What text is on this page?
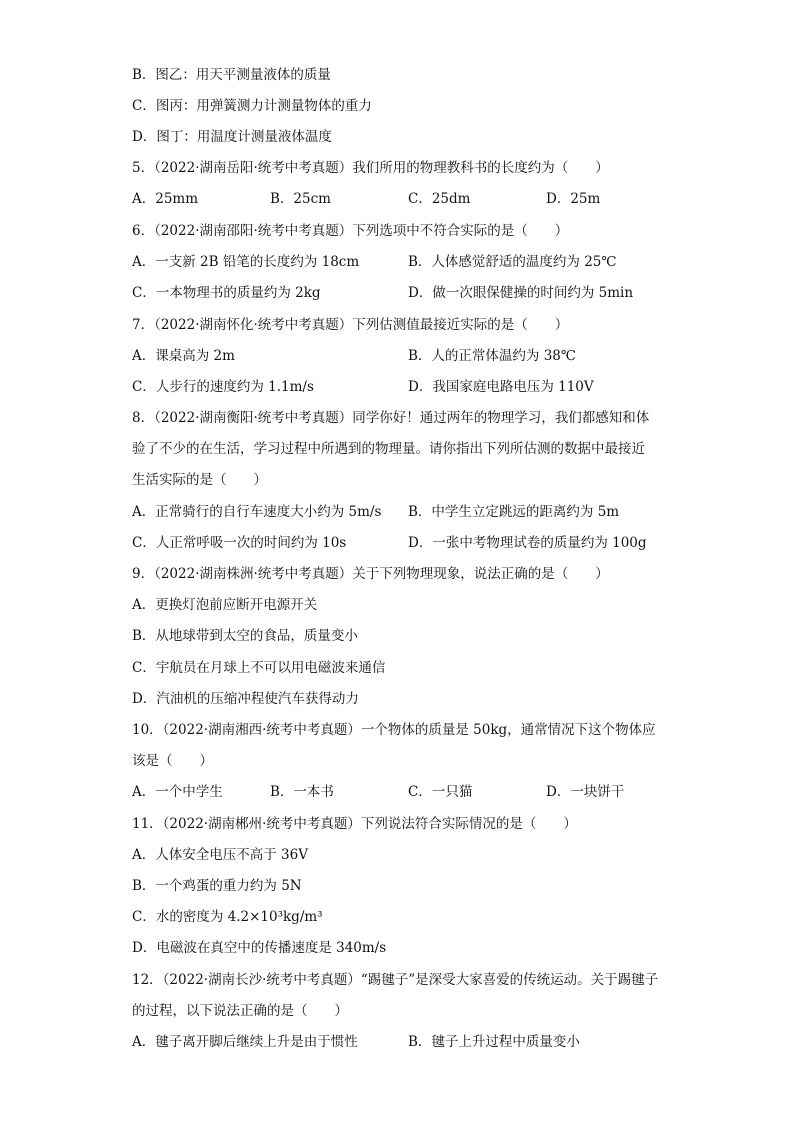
B．图乙：用天平测量液体的质量
C．图丙：用弹簧测力计测量物体的重力
D．图丁：用温度计测量液体温度
5．（2022·湖南岳阳·统考中考真题）我们所用的物理教科书的长度约为（　　）
A．25mm	B．25cm	C．25dm	D．25m
6．（2022·湖南邵阳·统考中考真题）下列选项中不符合实际的是（　　）
A．一支新 2B 铅笔的长度约为 18cm	B．人体感觉舒适的温度约为 25℃
C．一本物理书的质量约为 2kg	D．做一次眼保健操的时间约为 5min
7．（2022·湖南怀化·统考中考真题）下列估测值最接近实际的是（　　）
A．课桌高为 2m	B．人的正常体温约为 38℃
C．人步行的速度约为 1.1m/s	D．我国家庭电路电压为 110V
8．（2022·湖南衡阳·统考中考真题）同学你好！通过两年的物理学习，我们都感知和体
验了不少的在生活，学习过程中所遇到的物理量。请你指出下列所估测的数据中最接近
生活实际的是（　　）
A．正常骑行的自行车速度大小约为 5m/s B．中学生立定跳远的距离约为 5m
C．人正常呼吸一次的时间约为 10s	D．一张中考物理试卷的质量约为 100g
9．（2022·湖南株洲·统考中考真题）关于下列物理现象，说法正确的是（　　）
A．更换灯泡前应断开电源开关
B．从地球带到太空的食品，质量变小
C．宇航员在月球上不可以用电磁波来通信
D．汽油机的压缩冲程使汽车获得动力
10．（2022·湖南湘西·统考中考真题）一个物体的质量是 50kg，通常情况下这个物体应
该是（　　）
A．一个中学生	B．一本书	C．一只猫	D．一块饼干
11．（2022·湖南郴州·统考中考真题）下列说法符合实际情况的是（　　）
A．人体安全电压不高于 36V
B．一个鸡蛋的重力约为 5N
C．水的密度为 4.2×10³kg/m³
D．电磁波在真空中的传播速度是 340m/s
12．（2022·湖南长沙·统考中考真题）“踢毽子”是深受大家喜爱的传统运动。关于踢毽子
的过程，以下说法正确的是（　　）
A．毽子离开脚后继续上升是由于惯性	B．毽子上升过程中质量变小
